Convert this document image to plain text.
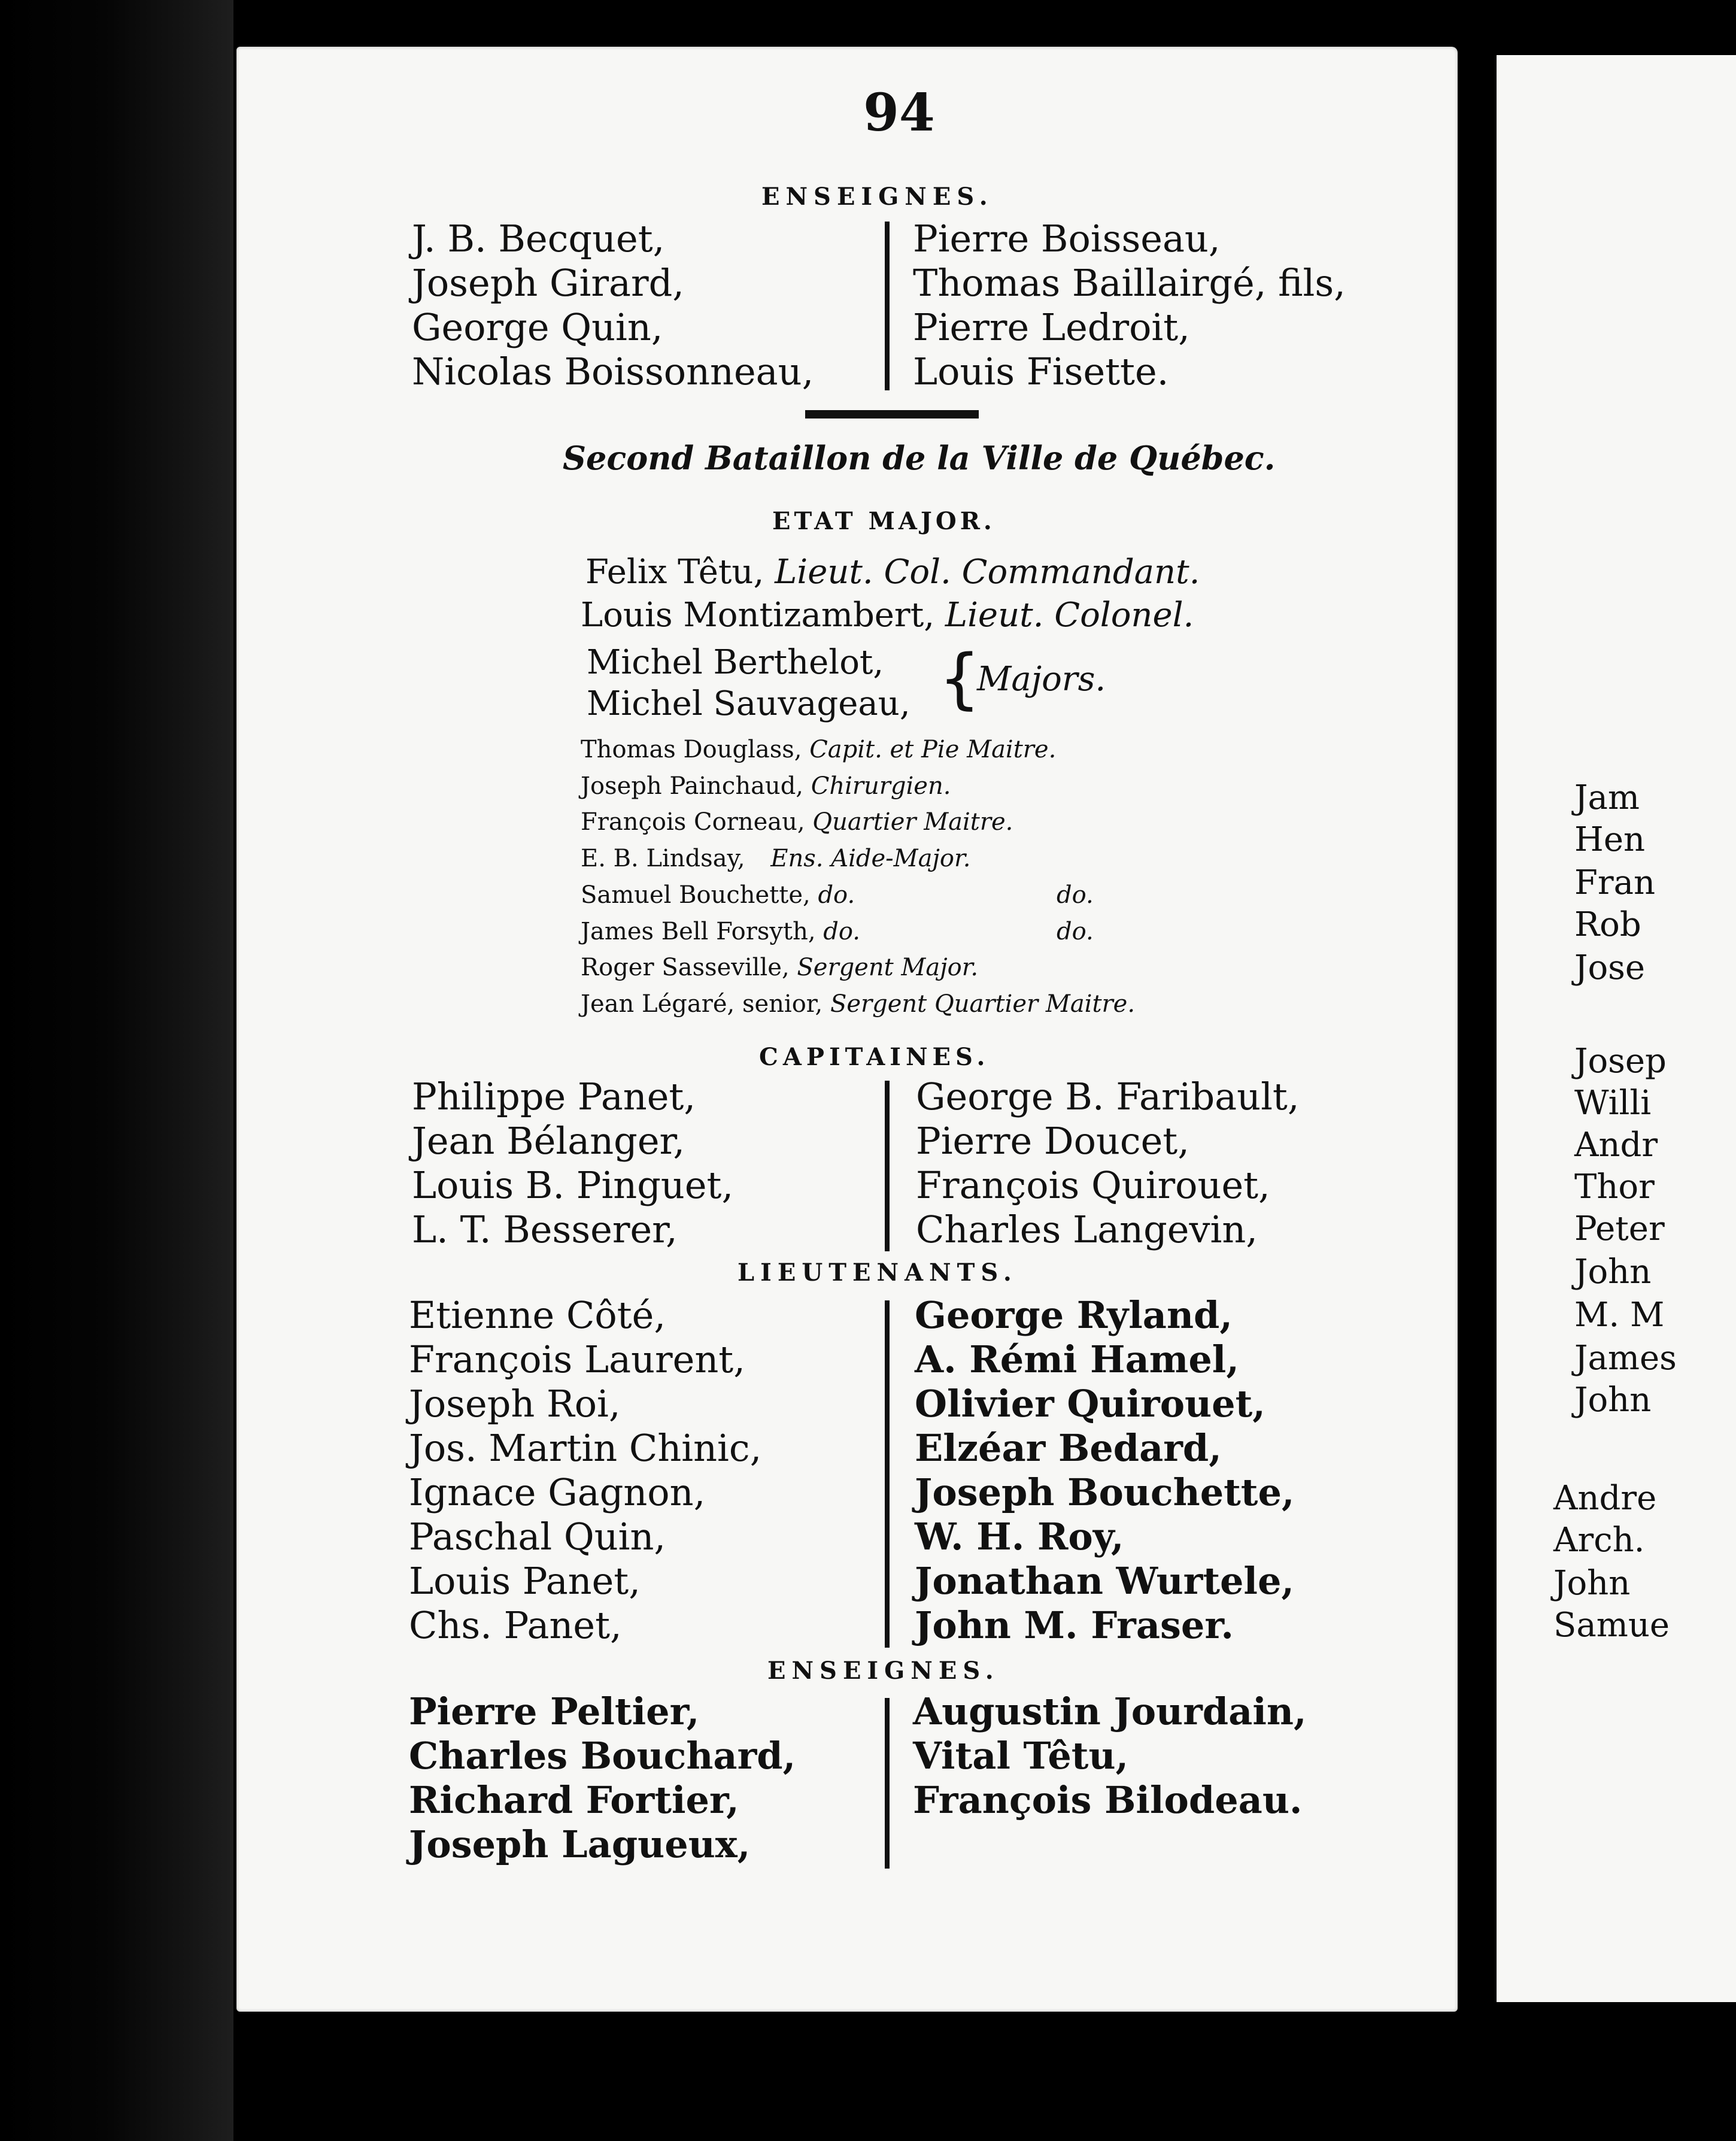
Jam
Hen
Fran
Rob
Jose
Josep
Willi
Andr
Thor
Peter
John
M. M
James
John
Andre
Arch.
John
Samue
94
ENSEIGNES.
J. B. Becquet,
Joseph Girard,
George Quin,
Nicolas Boissonneau,
Pierre Boisseau,
Thomas Baillairgé, fils,
Pierre Ledroit,
Louis Fisette.
Second Bataillon de la Ville de Québec.
ETAT MAJOR.
Felix Têtu, Lieut. Col. Commandant.
Louis Montizambert, Lieut. Colonel.
Michel Berthelot,
Michel Sauvageau, {
Majors.
Thomas Douglass, Capit. et Pie Maitre.
Joseph Painchaud, Chirurgien.
François Corneau, Quartier Maitre.
E. B. Lindsay, Ens. Aide-Major.
Samuel Bouchette, do.	do.
James Bell Forsyth, do.	do.
Roger Sasseville, Sergent Major.
Jean Légaré, senior, Sergent Quartier Maitre.
CAPITAINES.
Philippe Panet,
Jean Bélanger,
Louis B. Pinguet,
L. T. Besserer,
George B. Faribault,
Pierre Doucet,
François Quirouet,
Charles Langevin,
LIEUTENANTS.
Etienne Côté,
François Laurent,
Joseph Roi,
Jos. Martin Chinic,
Ignace Gagnon,
Paschal Quin,
Louis Panet,
Chs. Panet,
George Ryland,
A. Rémi Hamel,
Olivier Quirouet,
Elzéar Bedard,
Joseph Bouchette,
W. H. Roy,
Jonathan Wurtele,
John M. Fraser.
ENSEIGNES.
Pierre Peltier,
Charles Bouchard,
Richard Fortier,
Joseph Lagueux,
Augustin Jourdain,
Vital Têtu,
François Bilodeau.
